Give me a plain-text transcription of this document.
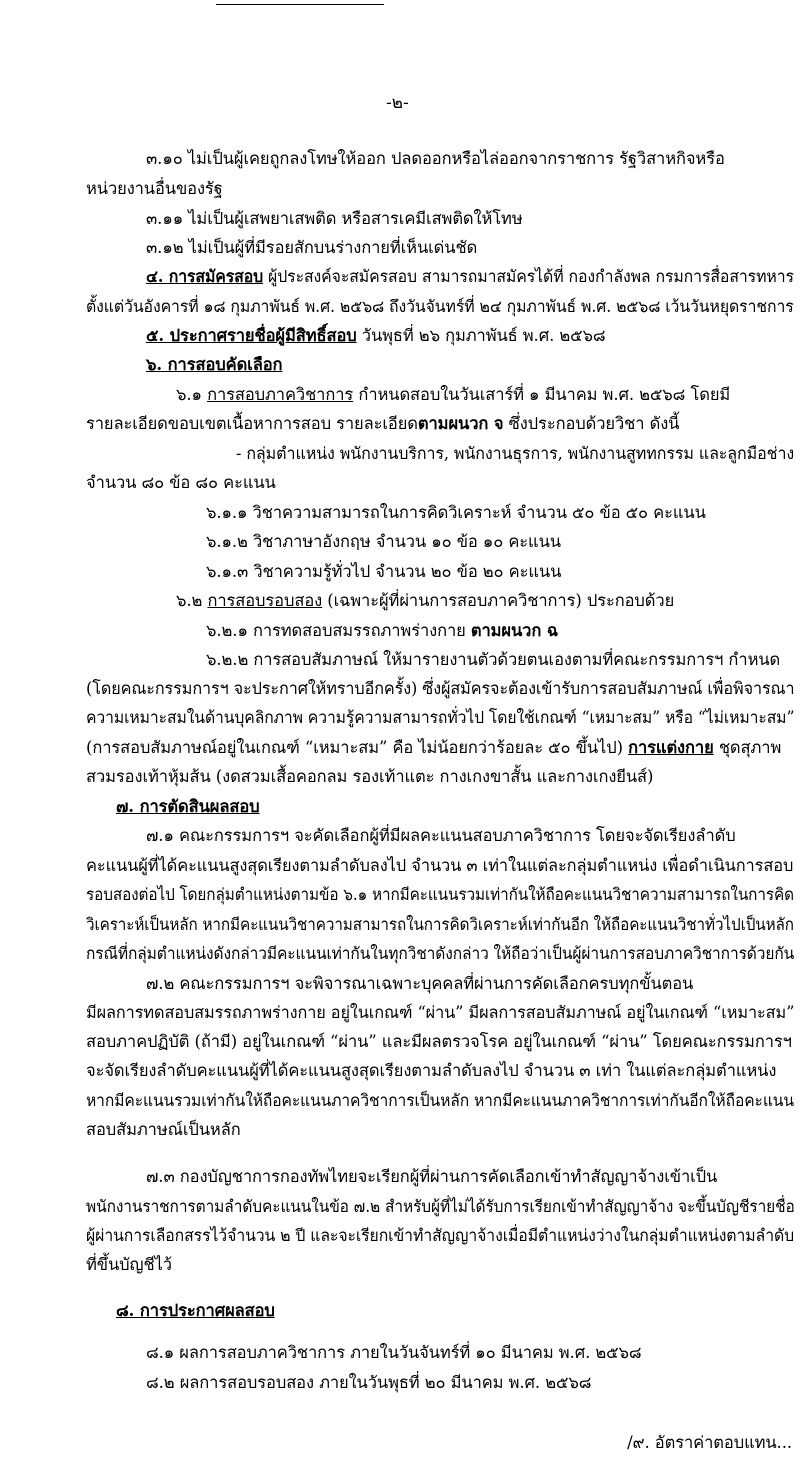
-๒-
๓.๑๐ ไม่เป็นผู้เคยถูกลงโทษให้ออก ปลดออกหรือไล่ออกจากราชการ รัฐวิสาหกิจหรือ
หน่วยงานอื่นของรัฐ
๓.๑๑ ไม่เป็นผู้เสพยาเสพติด หรือสารเคมีเสพติดให้โทษ
๓.๑๒ ไม่เป็นผู้ที่มีรอยสักบนร่างกายที่เห็นเด่นชัด
๔. การสมัครสอบ ผู้ประสงค์จะสมัครสอบ สามารถมาสมัครได้ที่ กองกำลังพล กรมการสื่อสารทหาร
ตั้งแต่วันอังคารที่ ๑๘ กุมภาพันธ์ พ.ศ. ๒๕๖๘ ถึงวันจันทร์ที่ ๒๔ กุมภาพันธ์ พ.ศ. ๒๕๖๘ เว้นวันหยุดราชการ
๕. ประกาศรายชื่อผู้มีสิทธิ์สอบ วันพุธที่ ๒๖ กุมภาพันธ์ พ.ศ. ๒๕๖๘
๖. การสอบคัดเลือก
๖.๑ การสอบภาควิชาการ กำหนดสอบในวันเสาร์ที่ ๑ มีนาคม พ.ศ. ๒๕๖๘ โดยมี
รายละเอียดขอบเขตเนื้อหาการสอบ รายละเอียดตามผนวก จ ซึ่งประกอบด้วยวิชา ดังนี้
- กลุ่มตำแหน่ง พนักงานบริการ, พนักงานธุรการ, พนักงานสูททกรรม และลูกมือช่าง
จำนวน ๘๐ ข้อ ๘๐ คะแนน
๖.๑.๑ วิชาความสามารถในการคิดวิเคราะห์ จำนวน ๕๐ ข้อ ๕๐ คะแนน
๖.๑.๒ วิชาภาษาอังกฤษ จำนวน ๑๐ ข้อ ๑๐ คะแนน
๖.๑.๓ วิชาความรู้ทั่วไป จำนวน ๒๐ ข้อ ๒๐ คะแนน
๖.๒ การสอบรอบสอง (เฉพาะผู้ที่ผ่านการสอบภาควิชาการ) ประกอบด้วย
๖.๒.๑ การทดสอบสมรรถภาพร่างกาย ตามผนวก ฉ
๖.๒.๒ การสอบสัมภาษณ์ ให้มารายงานตัวด้วยตนเองตามที่คณะกรรมการฯ กำหนด
(โดยคณะกรรมการฯ จะประกาศให้ทราบอีกครั้ง) ซึ่งผู้สมัครจะต้องเข้ารับการสอบสัมภาษณ์ เพื่อพิจารณา
ความเหมาะสมในด้านบุคลิกภาพ ความรู้ความสามารถทั่วไป โดยใช้เกณฑ์ “เหมาะสม” หรือ “ไม่เหมาะสม”
(การสอบสัมภาษณ์อยู่ในเกณฑ์ “เหมาะสม” คือ ไม่น้อยกว่าร้อยละ ๕๐ ขึ้นไป) การแต่งกาย ชุดสุภาพ
สวมรองเท้าหุ้มส้น (งดสวมเสื้อคอกลม รองเท้าแตะ กางเกงขาสั้น และกางเกงยีนส์)
๗. การตัดสินผลสอบ
๗.๑ คณะกรรมการฯ จะคัดเลือกผู้ที่มีผลคะแนนสอบภาควิชาการ โดยจะจัดเรียงลำดับ
คะแนนผู้ที่ได้คะแนนสูงสุดเรียงตามลำดับลงไป จำนวน ๓ เท่าในแต่ละกลุ่มตำแหน่ง เพื่อดำเนินการสอบ
รอบสองต่อไป โดยกลุ่มตำแหน่งตามข้อ ๖.๑ หากมีคะแนนรวมเท่ากันให้ถือคะแนนวิชาความสามารถในการคิด
วิเคราะห์เป็นหลัก หากมีคะแนนวิชาความสามารถในการคิดวิเคราะห์เท่ากันอีก ให้ถือคะแนนวิชาทั่วไปเป็นหลัก
กรณีที่กลุ่มตำแหน่งดังกล่าวมีคะแนนเท่ากันในทุกวิชาดังกล่าว ให้ถือว่าเป็นผู้ผ่านการสอบภาควิชาการด้วยกัน
๗.๒ คณะกรรมการฯ จะพิจารณาเฉพาะบุคคลที่ผ่านการคัดเลือกครบทุกขั้นตอน
มีผลการทดสอบสมรรถภาพร่างกาย อยู่ในเกณฑ์ “ผ่าน” มีผลการสอบสัมภาษณ์ อยู่ในเกณฑ์ “เหมาะสม”
สอบภาคปฏิบัติ (ถ้ามี) อยู่ในเกณฑ์ “ผ่าน” และมีผลตรวจโรค อยู่ในเกณฑ์ “ผ่าน” โดยคณะกรรมการฯ
จะจัดเรียงลำดับคะแนนผู้ที่ได้คะแนนสูงสุดเรียงตามลำดับลงไป จำนวน ๓ เท่า ในแต่ละกลุ่มตำแหน่ง
หากมีคะแนนรวมเท่ากันให้ถือคะแนนภาควิชาการเป็นหลัก หากมีคะแนนภาควิชาการเท่ากันอีกให้ถือคะแนน
สอบสัมภาษณ์เป็นหลัก
๗.๓ กองบัญชาการกองทัพไทยจะเรียกผู้ที่ผ่านการคัดเลือกเข้าทำสัญญาจ้างเข้าเป็น
พนักงานราชการตามลำดับคะแนนในข้อ ๗.๒ สำหรับผู้ที่ไม่ได้รับการเรียกเข้าทำสัญญาจ้าง จะขึ้นบัญชีรายชื่อ
ผู้ผ่านการเลือกสรรไว้จำนวน ๒ ปี และจะเรียกเข้าทำสัญญาจ้างเมื่อมีตำแหน่งว่างในกลุ่มตำแหน่งตามลำดับ
ที่ขึ้นบัญชีไว้
๘. การประกาศผลสอบ
๘.๑ ผลการสอบภาควิชาการ ภายในวันจันทร์ที่ ๑๐ มีนาคม พ.ศ. ๒๕๖๘
๘.๒ ผลการสอบรอบสอง ภายในวันพุธที่ ๒๐ มีนาคม พ.ศ. ๒๕๖๘
/๙. อัตราค่าตอบแทน...
